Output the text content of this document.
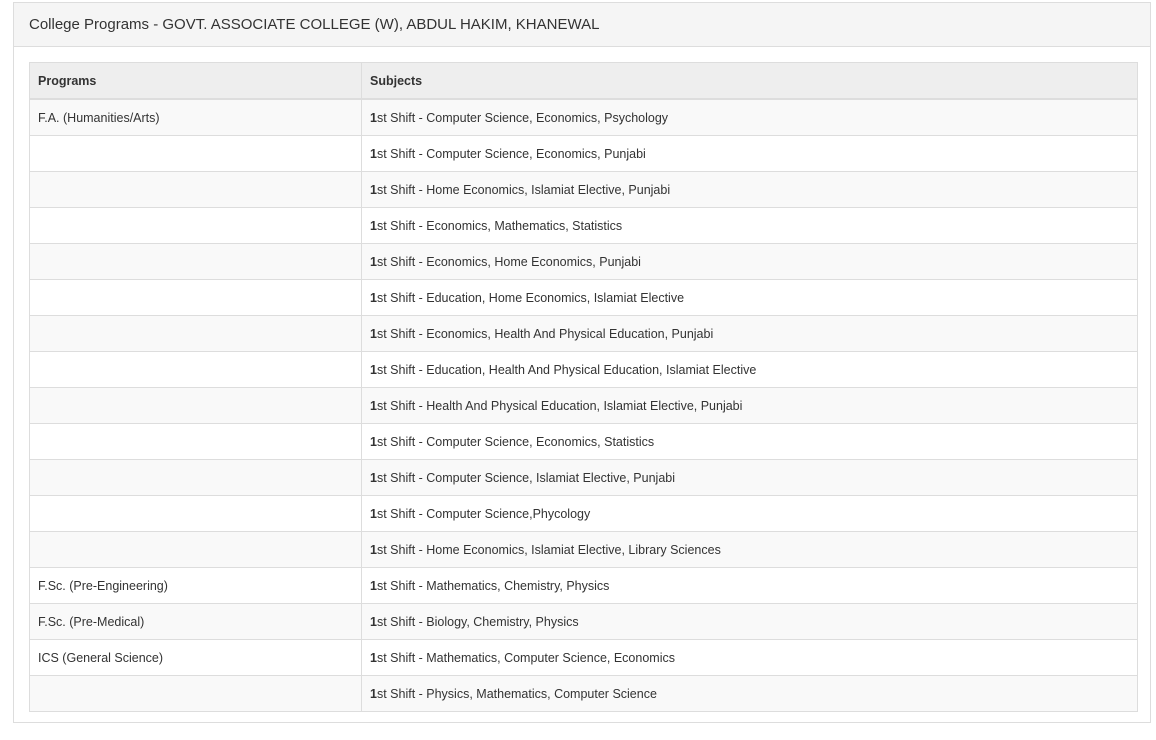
College Programs - GOVT. ASSOCIATE COLLEGE (W), ABDUL HAKIM, KHANEWAL
Programs	Subjects
F.A. (Humanities/Arts)	1st Shift - Computer Science, Economics, Psychology
	1st Shift - Computer Science, Economics, Punjabi
	1st Shift - Home Economics, Islamiat Elective, Punjabi
	1st Shift - Economics, Mathematics, Statistics
	1st Shift - Economics, Home Economics, Punjabi
	1st Shift - Education, Home Economics, Islamiat Elective
	1st Shift - Economics, Health And Physical Education, Punjabi
	1st Shift - Education, Health And Physical Education, Islamiat Elective
	1st Shift - Health And Physical Education, Islamiat Elective, Punjabi
	1st Shift - Computer Science, Economics, Statistics
	1st Shift - Computer Science, Islamiat Elective, Punjabi
	1st Shift - Computer Science,Phycology
	1st Shift - Home Economics, Islamiat Elective, Library Sciences
F.Sc. (Pre-Engineering)	1st Shift - Mathematics, Chemistry, Physics
F.Sc. (Pre-Medical)	1st Shift - Biology, Chemistry, Physics
ICS (General Science)	1st Shift - Mathematics, Computer Science, Economics
	1st Shift - Physics, Mathematics, Computer Science
